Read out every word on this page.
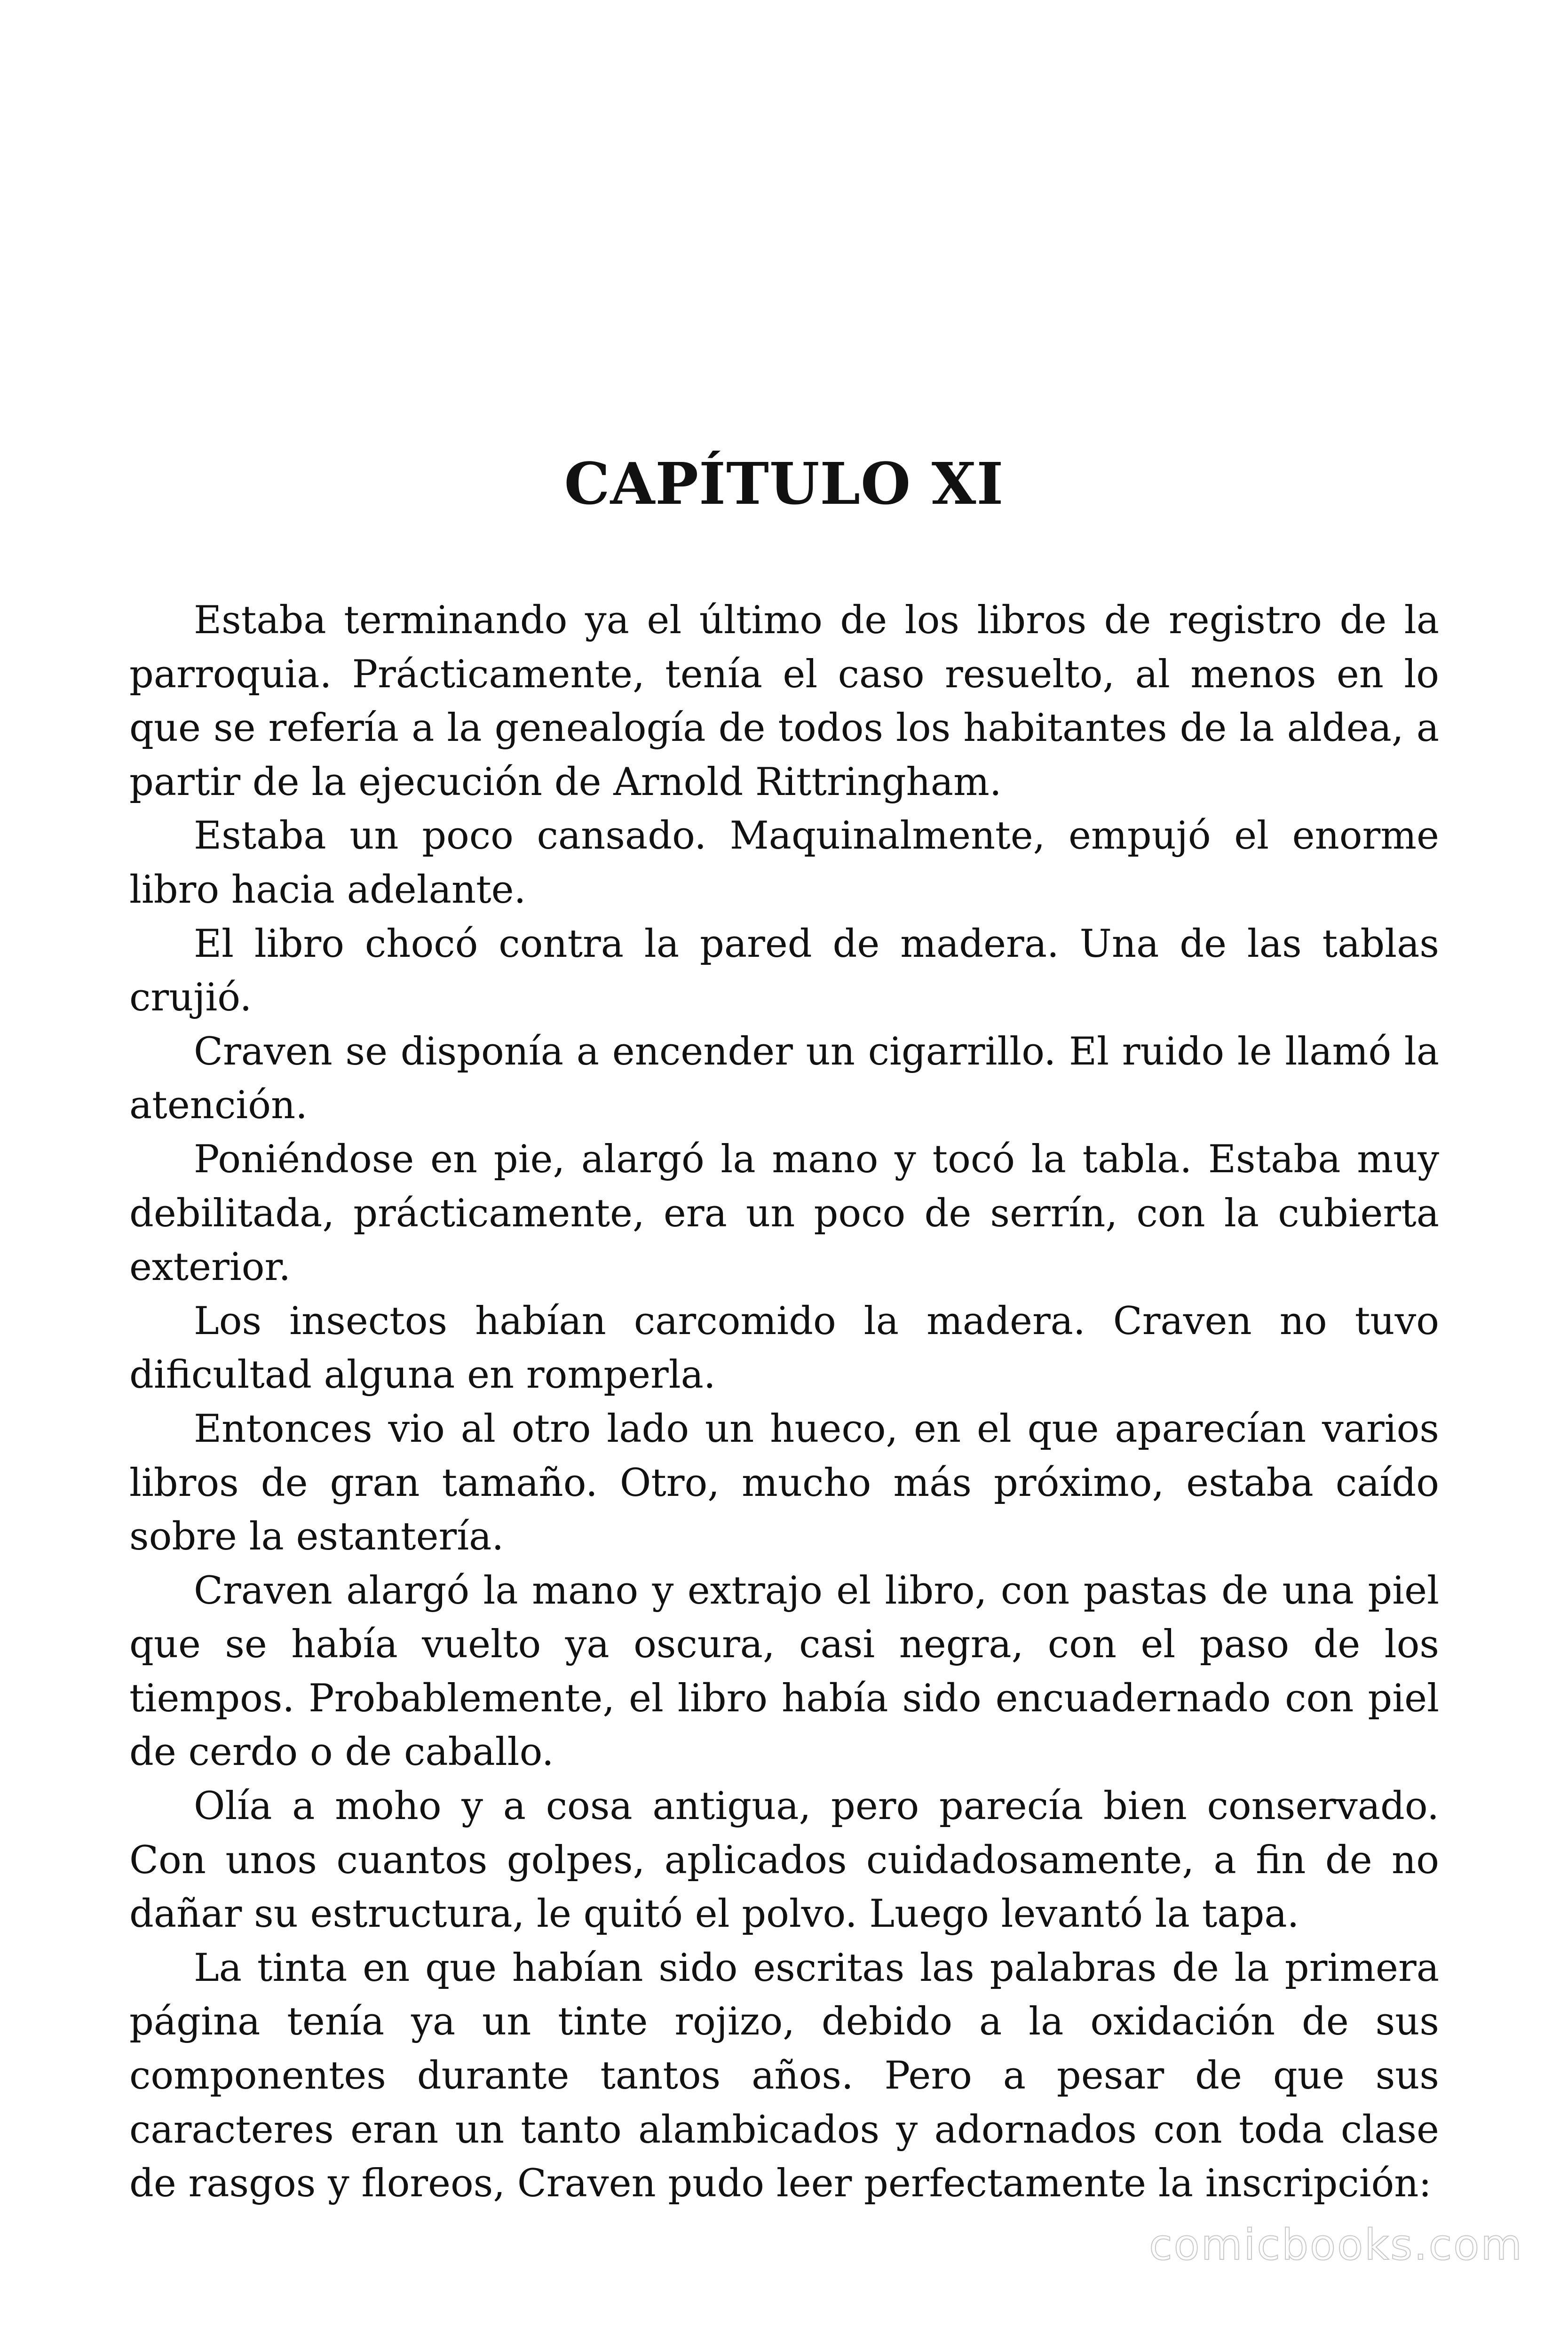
CAPÍTULO XI

Estaba terminando ya el último de los libros de registro de la parroquia. Prácticamente, tenía el caso resuelto, al menos en lo que se refería a la genealogía de todos los habitantes de la aldea, a partir de la ejecución de Arnold Rittringham.

Estaba un poco cansado. Maquinalmente, empujó el enorme libro hacia adelante.

El libro chocó contra la pared de madera. Una de las tablas crujió.

Craven se disponía a encender un cigarrillo. El ruido le llamó la atención.

Poniéndose en pie, alargó la mano y tocó la tabla. Estaba muy debilitada, prácticamente, era un poco de serrín, con la cubierta exterior.

Los insectos habían carcomido la madera. Craven no tuvo dificultad alguna en romperla.

Entonces vio al otro lado un hueco, en el que aparecían varios libros de gran tamaño. Otro, mucho más próximo, estaba caído sobre la estantería.

Craven alargó la mano y extrajo el libro, con pastas de una piel que se había vuelto ya oscura, casi negra, con el paso de los tiempos. Probablemente, el libro había sido encuadernado con piel de cerdo o de caballo.

Olía a moho y a cosa antigua, pero parecía bien conservado. Con unos cuantos golpes, aplicados cuidadosamente, a fin de no dañar su estructura, le quitó el polvo. Luego levantó la tapa.

La tinta en que habían sido escritas las palabras de la primera página tenía ya un tinte rojizo, debido a la oxidación de sus componentes durante tantos años. Pero a pesar de que sus caracteres eran un tanto alambicados y adornados con toda clase de rasgos y floreos, Craven pudo leer perfectamente la inscripción:

comicbooks.com
